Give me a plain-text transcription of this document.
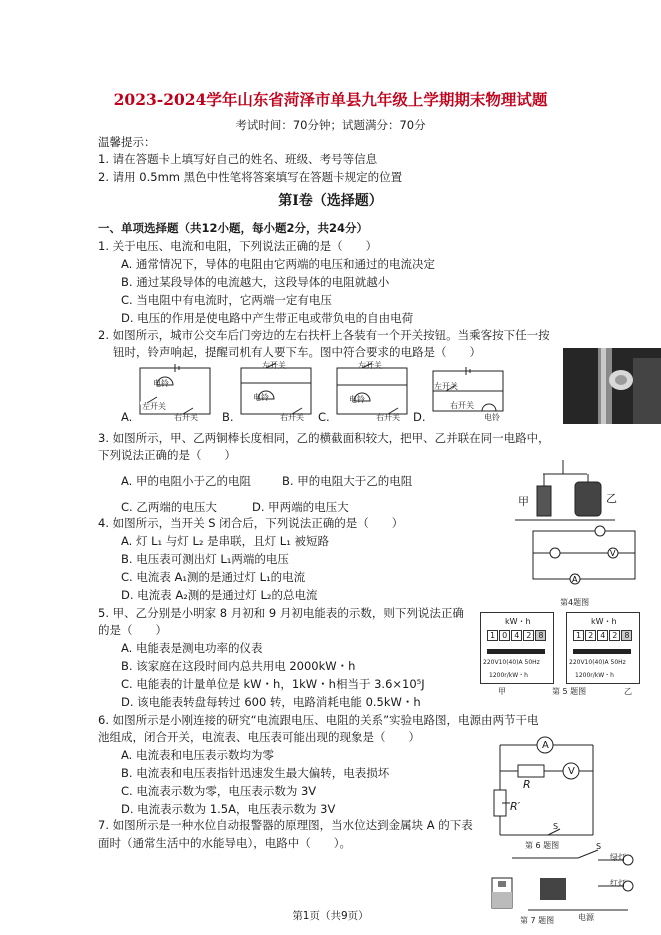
2023-2024学年山东省菏泽市单县九年级上学期期末物理试题
考试时间：70分钟；试题满分：70分
温馨提示：
1. 请在答题卡上填写好自己的姓名、班级、考号等信息
2. 请用 0.5mm 黑色中性笔将答案填写在答题卡规定的位置
第Ⅰ卷（选择题）
一、单项选择题（共12小题，每小题2分，共24分）
1. 关于电压、电流和电阻，下列说法正确的是（　　）
A. 通常情况下，导体的电阻由它两端的电压和通过的电流决定
B. 通过某段导体的电流越大，这段导体的电阻就越小
C. 当电阻中有电流时，它两端一定有电压
D. 电压的作用是使电路中产生带正电或带负电的自由电荷
2. 如图所示，城市公交车后门旁边的左右扶杆上各装有一个开关按钮。当乘客按下任一按
钮时，铃声响起，提醒司机有人要下车。图中符合要求的电路是（　　）
A.
电铃
左开关
右开关 B.
左开关
电铃
右开关 C.
左开关
电铃
右开关 D.
左开关
右开关
电铃
3. 如图所示，甲、乙两铜棒长度相同，乙的横截面积较大，把甲、乙并联在同一电路中，
下列说法正确的是（　　）
A. 甲的电阻小于乙的电阻	B. 甲的电阻大于乙的电阻
C. 乙两端的电压大	D. 甲两端的电压大	甲	乙
4. 如图所示，当开关 S 闭合后，下列说法正确的是（　　）
A. 灯 L₁ 与灯 L₂ 是串联，且灯 L₁ 被短路
B. 电压表可测出灯 L₁两端的电压
C. 电流表 A₁测的是通过灯 L₁的电流
D. 电流表 A₂测的是通过灯 L₂的总电流
A
V
第4题图
5. 甲、乙分别是小明家 8 月初和 9 月初电能表的示数，则下列说法正确
的是（　　）
A. 电能表是测电功率的仪表
B. 该家庭在这段时间内总共用电 2000kW・h
C. 电能表的计量单位是 kW・h，1kW・h相当于 3.6×10⁵J
D. 该电能表转盘每转过 600 转，电路消耗电能 0.5kW・h
kW・h
1 0 4 2 8
220V10(40)A 50Hz
1200r/kW・h
kW・h
1 2 4 2 8
220V10(40)A 50Hz
1200r/kW・h
甲	第 5 题图	乙
6. 如图所示是小刚连接的研究“电流跟电压、电阻的关系”实验电路图，电源由两节干电
池组成，闭合开关，电流表、电压表可能出现的现象是（　　）
A. 电流表和电压表示数均为零
B. 电流表和电压表指针迅速发生最大偏转，电表损坏
C. 电流表示数为零，电压表示数为 3V
D. 电流表示数为 1.5A，电压表示数为 3V
A
V
R
R′
S
第 6 题图
7. 如图所示是一种水位自动报警器的原理图，当水位达到金属块 A 的下表
面时（通常生活中的水能导电），电路中（　　）。	S
绿灯
红灯
电源
第 7 题图
第1页（共9页）
